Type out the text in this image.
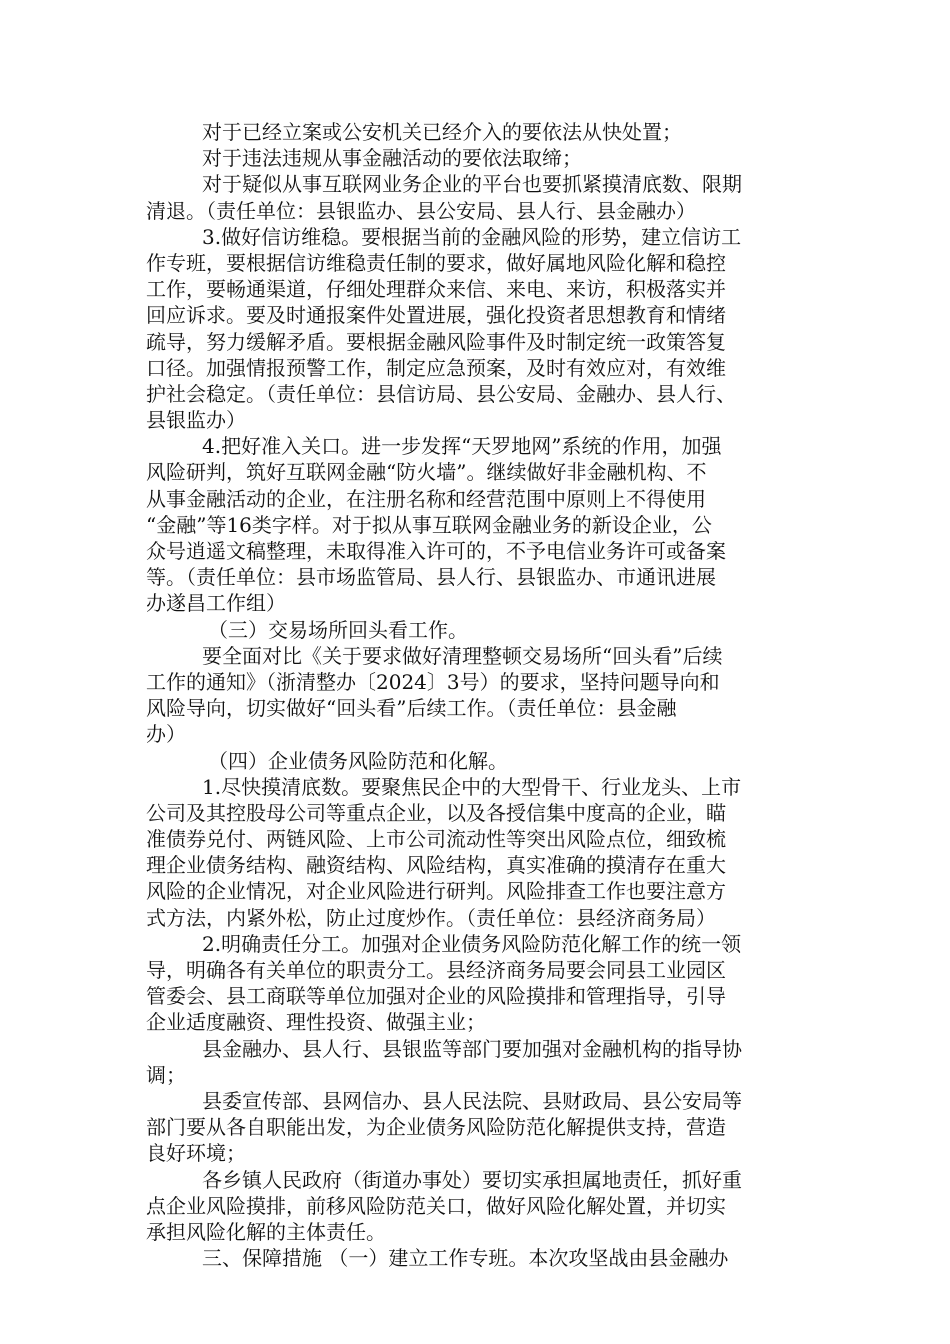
对于已经立案或公安机关已经介入的要依法从快处置；
对于违法违规从事金融活动的要依法取缔；
对于疑似从事互联网业务企业的平台也要抓紧摸清底数、限期
清退。（责任单位：县银监办、县公安局、县人行、县金融办）
3.做好信访维稳。要根据当前的金融风险的形势，建立信访工
作专班，要根据信访维稳责任制的要求，做好属地风险化解和稳控
工作，要畅通渠道，仔细处理群众来信、来电、来访，积极落实并
回应诉求。要及时通报案件处置进展，强化投资者思想教育和情绪
疏导，努力缓解矛盾。要根据金融风险事件及时制定统一政策答复
口径。加强情报预警工作，制定应急预案，及时有效应对，有效维
护社会稳定。（责任单位：县信访局、县公安局、金融办、县人行、
县银监办）
4.把好准入关口。进一步发挥“天罗地网”系统的作用，加强
风险研判，筑好互联网金融“防火墙”。继续做好非金融机构、不
从事金融活动的企业，在注册名称和经营范围中原则上不得使用
“金融”等16类字样。对于拟从事互联网金融业务的新设企业，公
众号逍遥文稿整理，未取得准入许可的，不予电信业务许可或备案
等。（责任单位：县市场监管局、县人行、县银监办、市通讯进展
办遂昌工作组）
（三）交易场所回头看工作。
要全面对比《关于要求做好清理整顿交易场所“回头看”后续
工作的通知》（浙清整办〔2024〕3号）的要求，坚持问题导向和
风险导向，切实做好“回头看”后续工作。（责任单位：县金融
办）
（四）企业债务风险防范和化解。
1.尽快摸清底数。要聚焦民企中的大型骨干、行业龙头、上市
公司及其控股母公司等重点企业，以及各授信集中度高的企业，瞄
准债券兑付、两链风险、上市公司流动性等突出风险点位，细致梳
理企业债务结构、融资结构、风险结构，真实准确的摸清存在重大
风险的企业情况，对企业风险进行研判。风险排查工作也要注意方
式方法，内紧外松，防止过度炒作。（责任单位：县经济商务局）
2.明确责任分工。加强对企业债务风险防范化解工作的统一领
导，明确各有关单位的职责分工。县经济商务局要会同县工业园区
管委会、县工商联等单位加强对企业的风险摸排和管理指导，引导
企业适度融资、理性投资、做强主业；
县金融办、县人行、县银监等部门要加强对金融机构的指导协
调；
县委宣传部、县网信办、县人民法院、县财政局、县公安局等
部门要从各自职能出发，为企业债务风险防范化解提供支持，营造
良好环境；
各乡镇人民政府（街道办事处）要切实承担属地责任，抓好重
点企业风险摸排，前移风险防范关口，做好风险化解处置，并切实
承担风险化解的主体责任。
三、保障措施 （一）建立工作专班。本次攻坚战由县金融办
